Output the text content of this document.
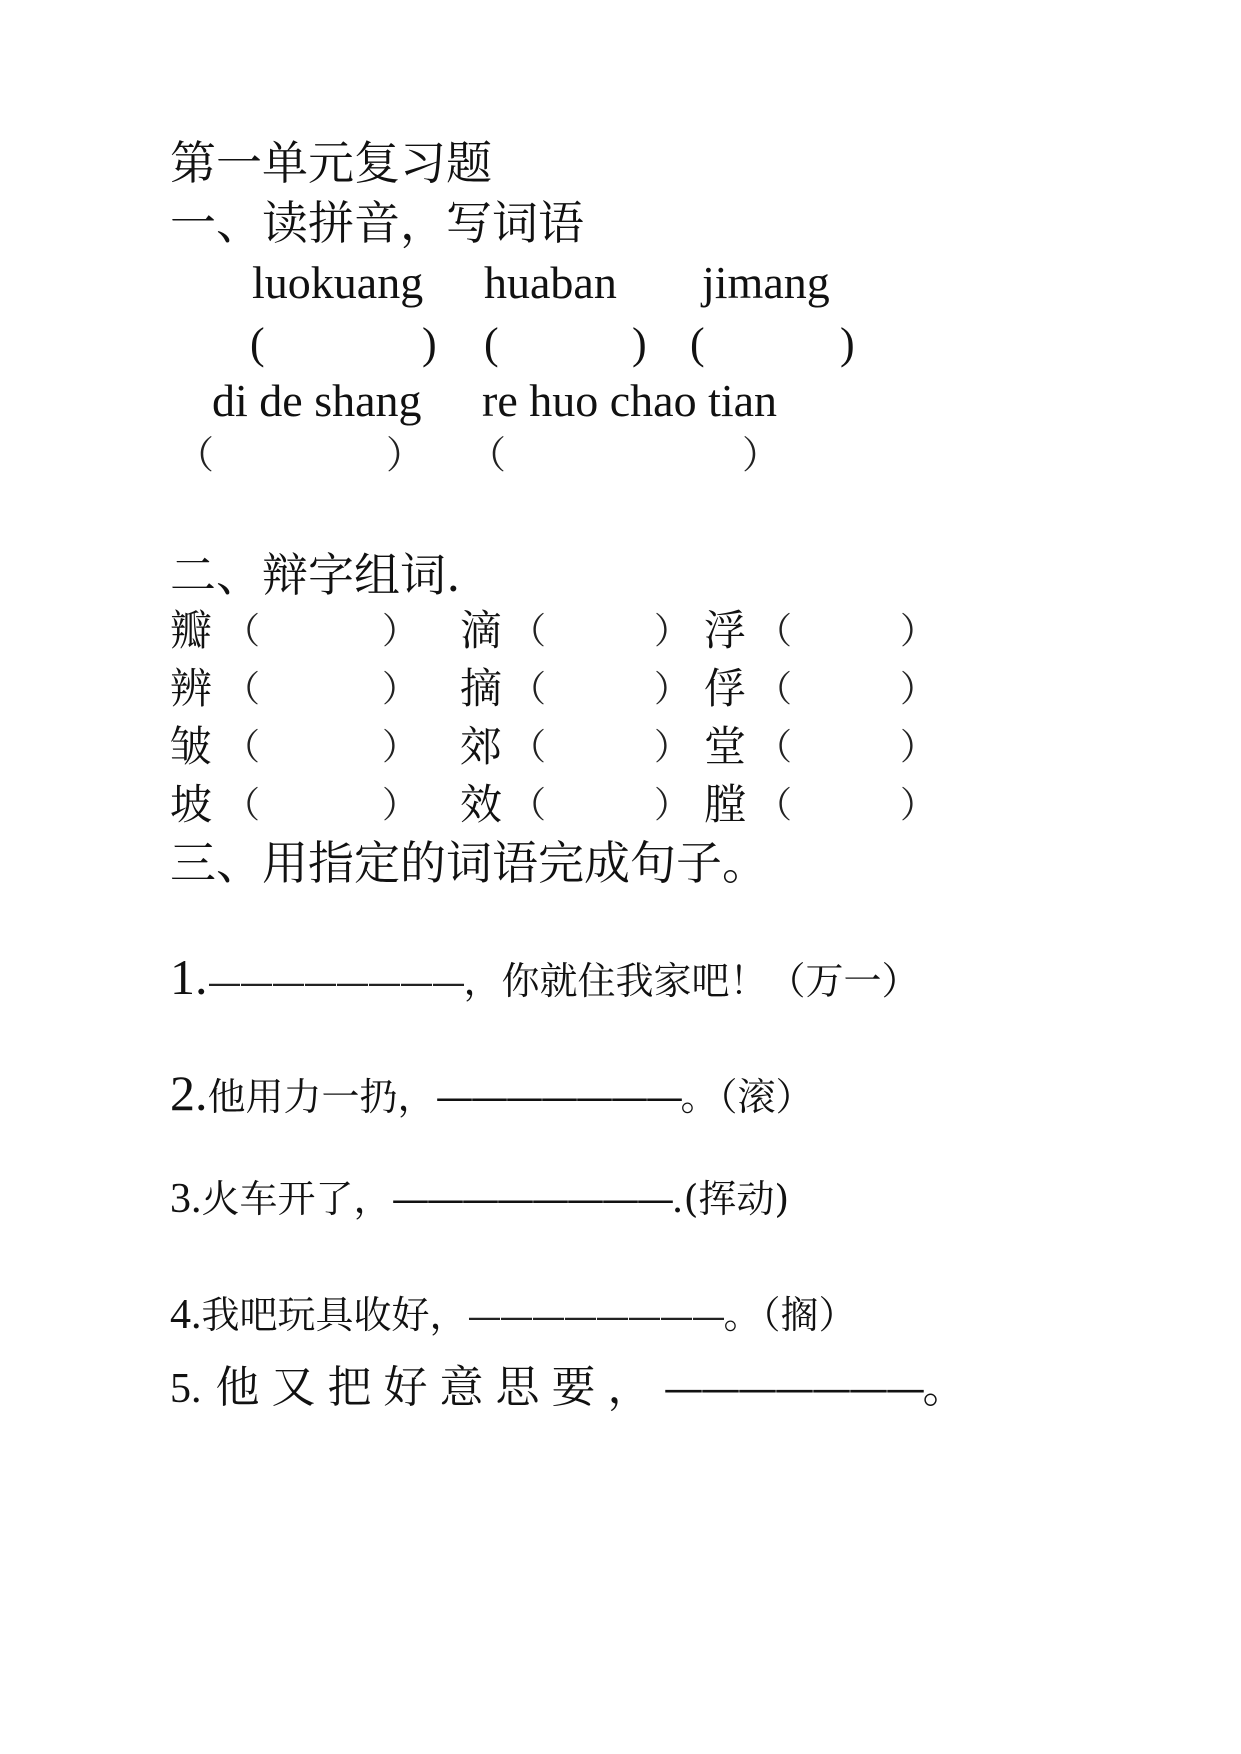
第一单元复习题
一、读拼音，写词语
luokuang huaban jimang
(	) (	) (	)
di de shang re huo chao tian
（	） （	）
二、辩字组词.
瓣 （	） 滴 （	） 浮 （	）
辨 （	） 摘 （	） 俘 （	）
皱 （	） 郊 （	） 堂 （	）
坡 （	） 效 （	） 膛 （	）
三、用指定的词语完成句子。
1.————————，你就住我家吧！（万一）
2.他用力一扔，———————。（滚）
3.火车开了，————————.(挥动)
4.我吧玩具收好，————————。（搁）
5. 他又把好意思要，———————。
